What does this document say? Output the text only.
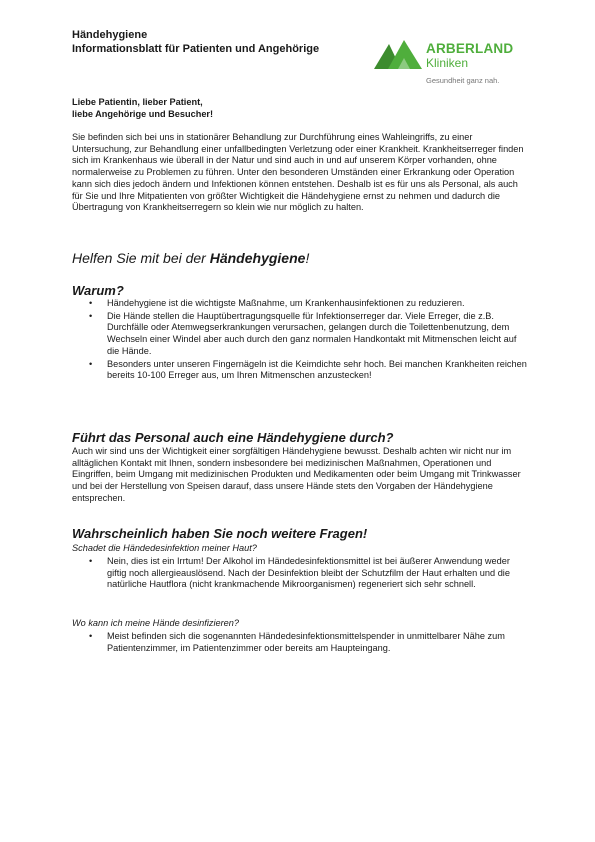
Händehygiene
Informationsblatt für Patienten und Angehörige	ARBERLAND
Kliniken
Gesundheit ganz nah.
Liebe Patientin, lieber Patient,
liebe Angehörige und Besucher!
Sie befinden sich bei uns in stationärer Behandlung zur Durchführung eines Wahleingriffs, zu einer Untersuchung, zur Behandlung einer unfallbedingten Verletzung oder einer Krankheit. Krankheitserreger finden sich im Krankenhaus wie überall in der Natur und sind auch in und auf unserem Körper vorhanden, ohne normalerweise zu Problemen zu führen. Unter den besonderen Umständen einer Erkrankung oder Operation kann sich dies jedoch ändern und Infektionen können entstehen. Deshalb ist es für uns als Personal, als auch für Sie und Ihre Mitpatienten von größter Wichtigkeit die Händehygiene ernst zu nehmen und dadurch die Übertragung von Krankheitserregern so klein wie nur möglich zu halten.
Helfen Sie mit bei der Händehygiene!
Warum?
• Händehygiene ist die wichtigste Maßnahme, um Krankenhausinfektionen zu reduzieren.
• Die Hände stellen die Hauptübertragungsquelle für Infektionserreger dar. Viele Erreger, die z.B. Durchfälle oder Atemwegserkrankungen verursachen, gelangen durch die Toilettenbenutzung, dem Wechseln einer Windel aber auch durch den ganz normalen Handkontakt mit Mitmenschen leicht auf die Hände.
• Besonders unter unseren Fingernägeln ist die Keimdichte sehr hoch. Bei manchen Krankheiten reichen bereits 10-100 Erreger aus, um Ihren Mitmenschen anzustecken!
Führt das Personal auch eine Händehygiene durch?
Auch wir sind uns der Wichtigkeit einer sorgfältigen Händehygiene bewusst. Deshalb achten wir nicht nur im alltäglichen Kontakt mit Ihnen, sondern insbesondere bei medizinischen Maßnahmen, Operationen und Eingriffen, beim Umgang mit medizinischen Produkten und Medikamenten oder beim Umgang mit Trinkwasser und bei der Herstellung von Speisen darauf, dass unsere Hände stets den Vorgaben der Händehygiene entsprechen.
Wahrscheinlich haben Sie noch weitere Fragen!
Schadet die Händedesinfektion meiner Haut?
• Nein, dies ist ein Irrtum! Der Alkohol im Händedesinfektionsmittel ist bei äußerer Anwendung weder giftig noch allergieauslösend. Nach der Desinfektion bleibt der Schutzfilm der Haut erhalten und die natürliche Hautflora (nicht krankmachende Mikroorganismen) regeneriert sich sehr schnell.
Wo kann ich meine Hände desinfizieren?
• Meist befinden sich die sogenannten Händedesinfektionsmittelspender in unmittelbarer Nähe zum Patientenzimmer, im Patientenzimmer oder bereits am Haupteingang.
